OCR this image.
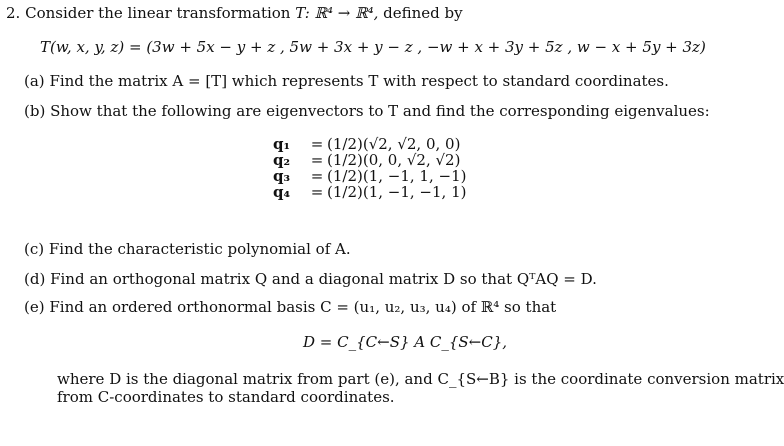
2. Consider the linear transformation T: ℝ⁴ → ℝ⁴, defined by
T(w, x, y, z) = (3w + 5x − y + z , 5w + 3x + y − z , −w + x + 3y + 5z , w − x + 5y + 3z)
(a) Find the matrix A = [T] which represents T with respect to standard coordinates.
(b) Show that the following are eigenvectors to T and find the corresponding eigenvalues:
q₁ = (1/2)(√2, √2, 0, 0)
q₂ = (1/2)(0, 0, √2, √2)
q₃ = (1/2)(1, −1, 1, −1)
q₄ = (1/2)(1, −1, −1, 1)
(c) Find the characteristic polynomial of A.
(d) Find an orthogonal matrix Q and a diagonal matrix D so that QᵀAQ = D.
(e) Find an ordered orthonormal basis C = (u₁, u₂, u₃, u₄) of ℝ⁴ so that
D = C_{C←S} A C_{S←C},
where D is the diagonal matrix from part (e), and C_{S←B} is the coordinate conversion matrix
from C-coordinates to standard coordinates.
